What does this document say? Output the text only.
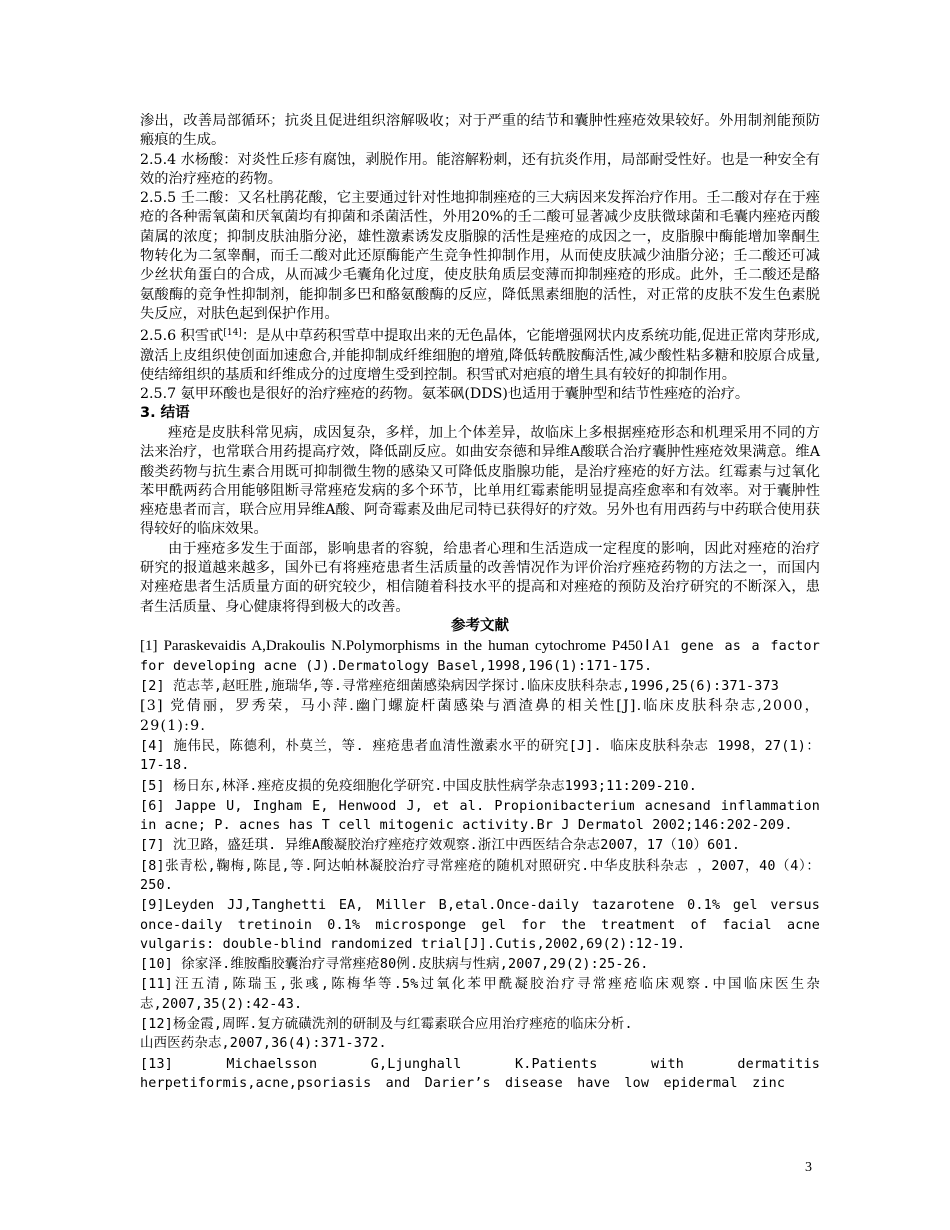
渗出，改善局部循环；抗炎且促进组织溶解吸收；对于严重的结节和囊肿性痤疮效果较好。外用制剂能预防瘢痕的生成。

2.5.4 水杨酸：对炎性丘疹有腐蚀，剥脱作用。能溶解粉刺，还有抗炎作用，局部耐受性好。也是一种安全有效的治疗痤疮的药物。

2.5.5 壬二酸：又名杜鹃花酸，它主要通过针对性地抑制痤疮的三大病因来发挥治疗作用。壬二酸对存在于痤疮的各种需氧菌和厌氧菌均有抑菌和杀菌活性，外用20%的壬二酸可显著减少皮肤微球菌和毛囊内痤疮丙酸菌属的浓度；抑制皮肤油脂分泌，雄性激素诱发皮脂腺的活性是痤疮的成因之一，皮脂腺中酶能增加睾酮生物转化为二氢睾酮，而壬二酸对此还原酶能产生竞争性抑制作用，从而使皮肤减少油脂分泌；壬二酸还可减少丝状角蛋白的合成，从而减少毛囊角化过度，使皮肤角质层变薄而抑制痤疮的形成。此外，壬二酸还是酪氨酸酶的竞争性抑制剂，能抑制多巴和酪氨酸酶的反应，降低黑素细胞的活性，对正常的皮肤不发生色素脱失反应，对肤色起到保护作用。

2.5.6 积雪甙[14]：是从中草药积雪草中提取出来的无色晶体，它能增强网状内皮系统功能,促进正常肉芽形成,激活上皮组织使创面加速愈合,并能抑制成纤维细胞的增殖,降低转酰胺酶活性,减少酸性粘多糖和胶原合成量,使结缔组织的基质和纤维成分的过度增生受到控制。积雪甙对疤痕的增生具有较好的抑制作用。

2.5.7 氨甲环酸也是很好的治疗痤疮的药物。氨苯砜(DDS)也适用于囊肿型和结节性痤疮的治疗。

3. 结语

痤疮是皮肤科常见病，成因复杂，多样，加上个体差异，故临床上多根据痤疮形态和机理采用不同的方法来治疗，也常联合用药提高疗效，降低副反应。如曲安奈德和异维A酸联合治疗囊肿性痤疮效果满意。维A酸类药物与抗生素合用既可抑制微生物的感染又可降低皮脂腺功能，是治疗痤疮的好方法。红霉素与过氧化苯甲酰两药合用能够阻断寻常痤疮发病的多个环节，比单用红霉素能明显提高痊愈率和有效率。对于囊肿性痤疮患者而言，联合应用异维A酸、阿奇霉素及曲尼司特已获得好的疗效。另外也有用西药与中药联合使用获得较好的临床效果。

由于痤疮多发生于面部，影响患者的容貌，给患者心理和生活造成一定程度的影响，因此对痤疮的治疗研究的报道越来越多，国外已有将痤疮患者生活质量的改善情况作为评价治疗痤疮药物的方法之一，而国内对痤疮患者生活质量方面的研究较少，相信随着科技水平的提高和对痤疮的预防及治疗研究的不断深入，患者生活质量、身心健康将得到极大的改善。

参考文献

[1] Paraskevaidis A,Drakoulis N.Polymorphisms in the human cytochrome P450ⅠA1 gene as a factor for developing acne (J).Dermatology Basel,1998,196(1):171-175.

[2] 范志莘,赵旺胜,施瑞华,等.寻常痤疮细菌感染病因学探讨.临床皮肤科杂志,1996,25(6):371-373

[3] 党倩丽，罗秀荣，马小萍.幽门螺旋杆菌感染与酒渣鼻的相关性[J].临床皮肤科杂志,2000，29(1):9.

[4] 施伟民，陈德利，朴莫兰，等. 痤疮患者血清性激素水平的研究[J]. 临床皮肤科杂志 1998，27(1)：17-18.

[5] 杨日东,林泽.痤疮皮损的免疫细胞化学研究.中国皮肤性病学杂志1993;11:209-210.

[6] Jappe U, Ingham E, Henwood J, et al. Propionibacterium acnesand inflammation in acne; P. acnes has T cell mitogenic activity.Br J Dermatol 2002;146:202-209.

[7] 沈卫路，盛廷琪. 异维A酸凝胶治疗痤疮疗效观察.浙江中西医结合杂志2007，17（10）601.

[8]张青松,鞠梅,陈昆,等.阿达帕林凝胶治疗寻常痤疮的随机对照研究.中华皮肤科杂志 ，2007，40（4）：250.

[9]Leyden JJ,Tanghetti EA, Miller B,etal.Once-daily tazarotene 0.1% gel versus once-daily tretinoin 0.1% microsponge gel for the treatment of facial acne vulgaris: double-blind randomized trial[J].Cutis,2002,69(2):12-19.

[10] 徐家泽.维胺酯胶囊治疗寻常痤疮80例.皮肤病与性病,2007,29(2):25-26.

[11]汪五清,陈瑞玉,张彧,陈梅华等.5%过氧化苯甲酰凝胶治疗寻常痤疮临床观察.中国临床医生杂志,2007,35(2):42-43.

[12]杨金霞,周晖.复方硫磺洗剂的研制及与红霉素联合应用治疗痤疮的临床分析.
山西医药杂志,2007,36(4):371-372.

[13] Michaelsson G,Ljunghall K.Patients with dermatitis herpetiformis,acne,psoriasis and Darier’s disease have low epidermal zinc

3
